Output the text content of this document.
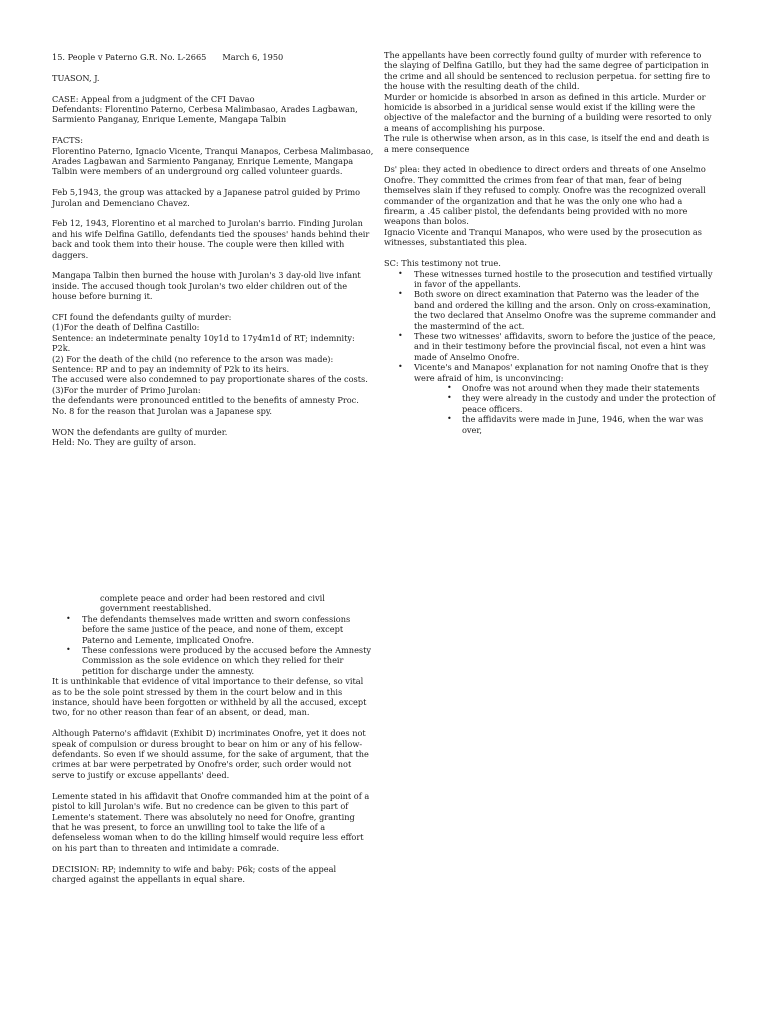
15. People v Paterno G.R. No. L-2665 March 6, 1950

TUASON, J.

CASE: Appeal from a judgment of the CFI Davao

Defendants: Florentino Paterno, Cerbesa Malimbasao, Arades Lagbawan, Sarmiento Panganay, Enrique Lemente, Mangapa Talbin

FACTS:

Florentino Paterno, Ignacio Vicente, Tranqui Manapos, Cerbesa Malimbasao, Arades Lagbawan and Sarmiento Panganay, Enrique Lemente, Mangapa Talbin were members of an underground org called volunteer guards.

Feb 5,1943, the group was attacked by a Japanese patrol guided by Primo Jurolan and Demenciano Chavez.

Feb 12, 1943, Florentino et al marched to Jurolan's barrio. Finding Jurolan and his wife Delfina Gatillo, defendants tied the spouses' hands behind their back and took them into their house. The couple were then killed with daggers.

Mangapa Talbin then burned the house with Jurolan's 3 day-old live infant inside. The accused though took Jurolan's two elder children out of the house before burning it.

CFI found the defendants guilty of murder:

(1)For the death of Delfina Castillo:

Sentence: an indeterminate penalty 10y1d to 17y4m1d of RT; indemnity: P2k.

(2) For the death of the child (no reference to the arson was made):

Sentence: RP and to pay an indemnity of P2k to its heirs.

The accused were also condemned to pay proportionate shares of the costs.

(3)For the murder of Primo Jurolan:

the defendants were pronounced entitled to the benefits of amnesty Proc. No. 8 for the reason that Jurolan was a Japanese spy.

WON the defendants are guilty of murder.

Held: No. They are guilty of arson.

The appellants have been correctly found guilty of murder with reference to the slaying of Delfina Gatillo, but they had the same degree of participation in the crime and all should be sentenced to reclusion perpetua. for setting fire to the house with the resulting death of the child.

Murder or homicide is absorbed in arson as defined in this article. Murder or homicide is absorbed in a juridical sense would exist if the killing were the objective of the malefactor and the burning of a building were resorted to only a means of accomplishing his purpose.

The rule is otherwise when arson, as in this case, is itself the end and death is a mere consequence

Ds' plea: they acted in obedience to direct orders and threats of one Anselmo Onofre. They committed the crimes from fear of that man, fear of being themselves slain if they refused to comply. Onofre was the recognized overall commander of the organization and that he was the only one who had a firearm, a .45 caliber pistol, the defendants being provided with no more weapons than bolos.

Ignacio Vicente and Tranqui Manapos, who were used by the prosecution as witnesses, substantiated this plea.

SC: This testimony not true.

• These witnesses turned hostile to the prosecution and testified virtually in favor of the appellants.
• Both swore on direct examination that Paterno was the leader of the band and ordered the killing and the arson. Only on cross-examination, the two declared that Anselmo Onofre was the supreme commander and the mastermind of the act.
• These two witnesses' affidavits, sworn to before the justice of the peace, and in their testimony before the provincial fiscal, not even a hint was made of Anselmo Onofre.
• Vicente's and Manapos' explanation for not naming Onofre that is they were afraid of him, is unconvincing:
• Onofre was not around when they made their statements
• they were already in the custody and under the protection of peace officers.
• the affidavits were made in June, 1946, when the war was over,

complete peace and order had been restored and civil government reestablished.

• The defendants themselves made written and sworn confessions before the same justice of the peace, and none of them, except Paterno and Lemente, implicated Onofre.
• These confessions were produced by the accused before the Amnesty Commission as the sole evidence on which they relied for their petition for discharge under the amnesty.

It is unthinkable that evidence of vital importance to their defense, so vital as to be the sole point stressed by them in the court below and in this instance, should have been forgotten or withheld by all the accused, except two, for no other reason than fear of an absent, or dead, man.

Although Paterno's affidavit (Exhibit D) incriminates Onofre, yet it does not speak of compulsion or duress brought to bear on him or any of his fellow-defendants. So even if we should assume, for the sake of argument, that the crimes at bar were perpetrated by Onofre's order, such order would not serve to justify or excuse appellants' deed.

Lemente stated in his affidavit that Onofre commanded him at the point of a pistol to kill Jurolan's wife. But no credence can be given to this part of Lemente's statement. There was absolutely no need for Onofre, granting that he was present, to force an unwilling tool to take the life of a defenseless woman when to do the killing himself would require less effort on his part than to threaten and intimidate a comrade.

DECISION: RP; indemnity to wife and baby: P6k; costs of the appeal charged against the appellants in equal share.
